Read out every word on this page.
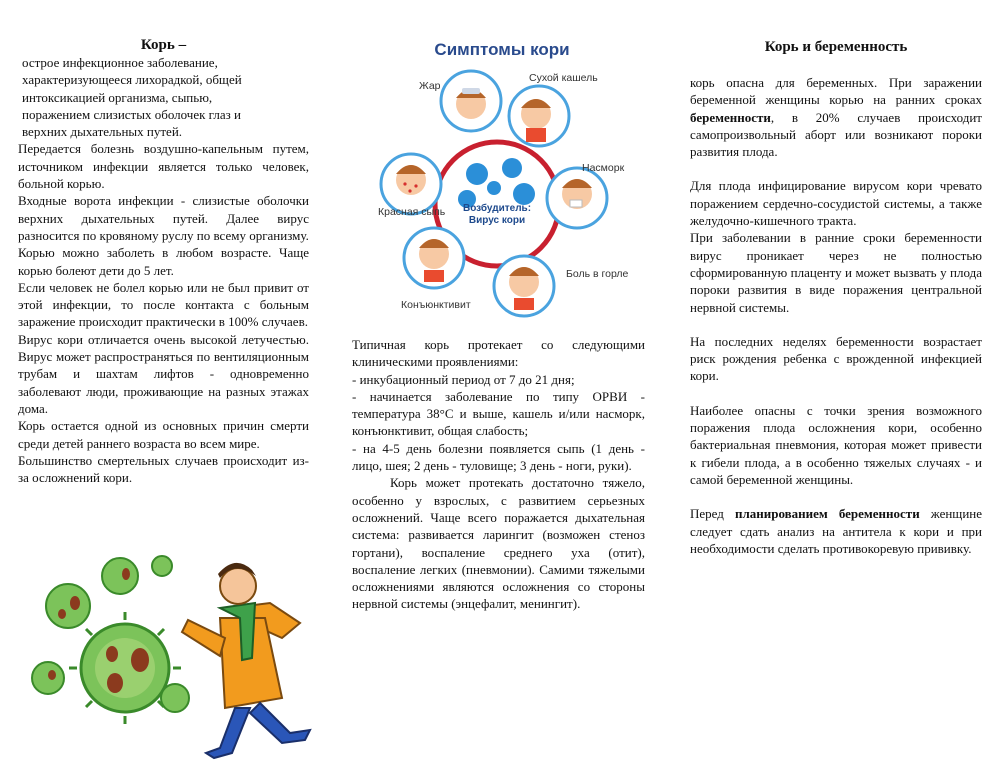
Корь –

острое инфекционное заболевание,

характеризующееся лихорадкой, общей

интоксикацией организма, сыпью,

поражением слизистых оболочек глаз и

верхних дыхательных путей.

Передается болезнь воздушно-капельным путем, источником инфекции является только человек, больной корью.

Входные ворота инфекции - слизистые оболочки верхних дыхательных путей. Далее вирус разносится по кровяному руслу по всему организму.

Корью можно заболеть в любом возрасте. Чаще корью болеют дети до 5 лет.

Если человек не болел корью или не был привит от этой инфекции, то после контакта с больным заражение происходит практически в 100% случаев.

Вирус кори отличается очень высокой летучестью. Вирус может распространяться по вентиляционным трубам и шахтам лифтов - одновременно заболевают люди, проживающие на разных этажах дома.

Корь остается одной из основных причин смерти среди детей раннего возраста во всем мире.

Большинство смертельных случаев происходит из-за осложнений кори.

Симптомы кори
Возбудитель:
Вирус кори
Жар
Сухой кашель
Насморк
Красная сыпь
Боль в горле
Конъюнктивит

Типичная корь протекает со следующими клиническими проявлениями:

- инкубационный период от 7 до 21 дня;

- начинается заболевание по типу ОРВИ - температура 38°С и выше, кашель и/или насморк, конъюнктивит, общая слабость;

- на 4-5 день болезни появляется сыпь (1 день - лицо, шея; 2 день - туловище; 3 день - ноги, руки).

Корь может протекать достаточно тяжело, особенно у взрослых, с развитием серьезных осложнений. Чаще всего поражается дыхательная система: развивается ларингит (возможен стеноз гортани), воспаление среднего уха (отит), воспаление легких (пневмонии). Самими тяжелыми осложнениями являются осложнения со стороны нервной системы (энцефалит, менингит).

Корь и беременность

корь опасна для беременных. При заражении беременной женщины корью на ранних сроках беременности, в 20% случаев происходит самопроизвольный аборт или возникают пороки развития плода.

Для плода инфицирование вирусом кори чревато поражением сердечно-сосудистой системы, а также желудочно-кишечного тракта.

При заболевании в ранние сроки беременности вирус проникает через не полностью сформированную плаценту и может вызвать у плода пороки развития в виде поражения центральной нервной системы.

На последних неделях беременности возрастает риск рождения ребенка с врожденной инфекцией кори.

Наиболее опасны с точки зрения возможного поражения плода осложнения кори, особенно бактериальная пневмония, которая может привести к гибели плода, а в особенно тяжелых случаях - и самой беременной женщины.

Перед планированием беременности женщине следует сдать анализ на антитела к кори и при необходимости сделать противокоревую прививку.
